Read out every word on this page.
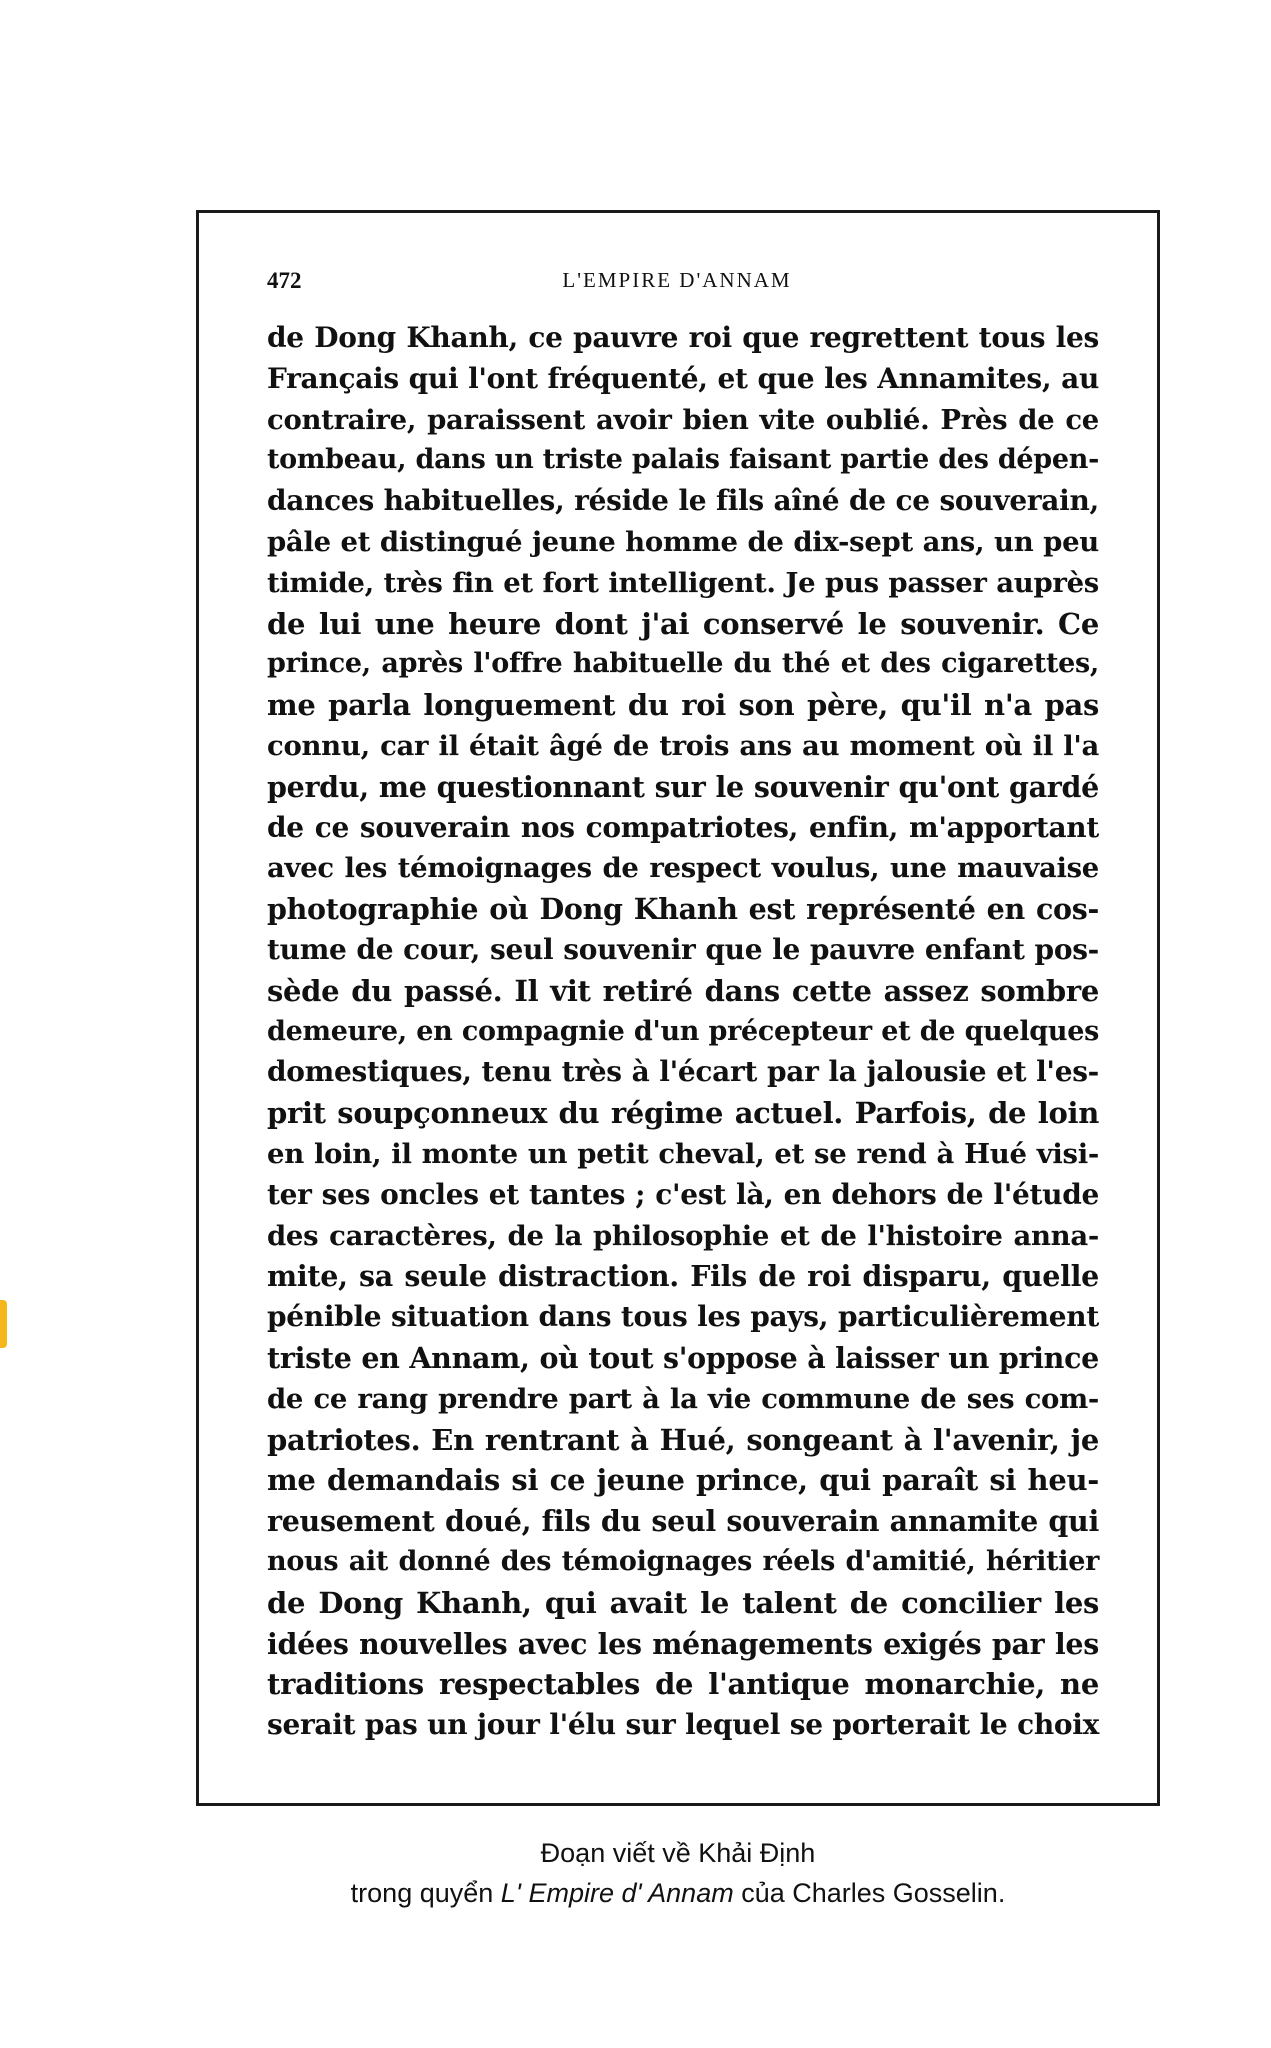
472	L'EMPIRE D'ANNAM
de Dong Khanh, ce pauvre roi que regrettent tous les
Français qui l'ont fréquenté, et que les Annamites, au
contraire, paraissent avoir bien vite oublié. Près de ce
tombeau, dans un triste palais faisant partie des dépen-
dances habituelles, réside le fils aîné de ce souverain,
pâle et distingué jeune homme de dix-sept ans, un peu
timide, très fin et fort intelligent. Je pus passer auprès
de lui une heure dont j'ai conservé le souvenir. Ce
prince, après l'offre habituelle du thé et des cigarettes,
me parla longuement du roi son père, qu'il n'a pas
connu, car il était âgé de trois ans au moment où il l'a
perdu, me questionnant sur le souvenir qu'ont gardé
de ce souverain nos compatriotes, enfin, m'apportant
avec les témoignages de respect voulus, une mauvaise
photographie où Dong Khanh est représenté en cos-
tume de cour, seul souvenir que le pauvre enfant pos-
sède du passé. Il vit retiré dans cette assez sombre
demeure, en compagnie d'un précepteur et de quelques
domestiques, tenu très à l'écart par la jalousie et l'es-
prit soupçonneux du régime actuel. Parfois, de loin
en loin, il monte un petit cheval, et se rend à Hué visi-
ter ses oncles et tantes ; c'est là, en dehors de l'étude
des caractères, de la philosophie et de l'histoire anna-
mite, sa seule distraction. Fils de roi disparu, quelle
pénible situation dans tous les pays, particulièrement
triste en Annam, où tout s'oppose à laisser un prince
de ce rang prendre part à la vie commune de ses com-
patriotes. En rentrant à Hué, songeant à l'avenir, je
me demandais si ce jeune prince, qui paraît si heu-
reusement doué, fils du seul souverain annamite qui
nous ait donné des témoignages réels d'amitié, héritier
de Dong Khanh, qui avait le talent de concilier les
idées nouvelles avec les ménagements exigés par les
traditions respectables de l'antique monarchie, ne
serait pas un jour l'élu sur lequel se porterait le choix
Đoạn viết về Khải Định
trong quyển L' Empire d' Annam của Charles Gosselin.
